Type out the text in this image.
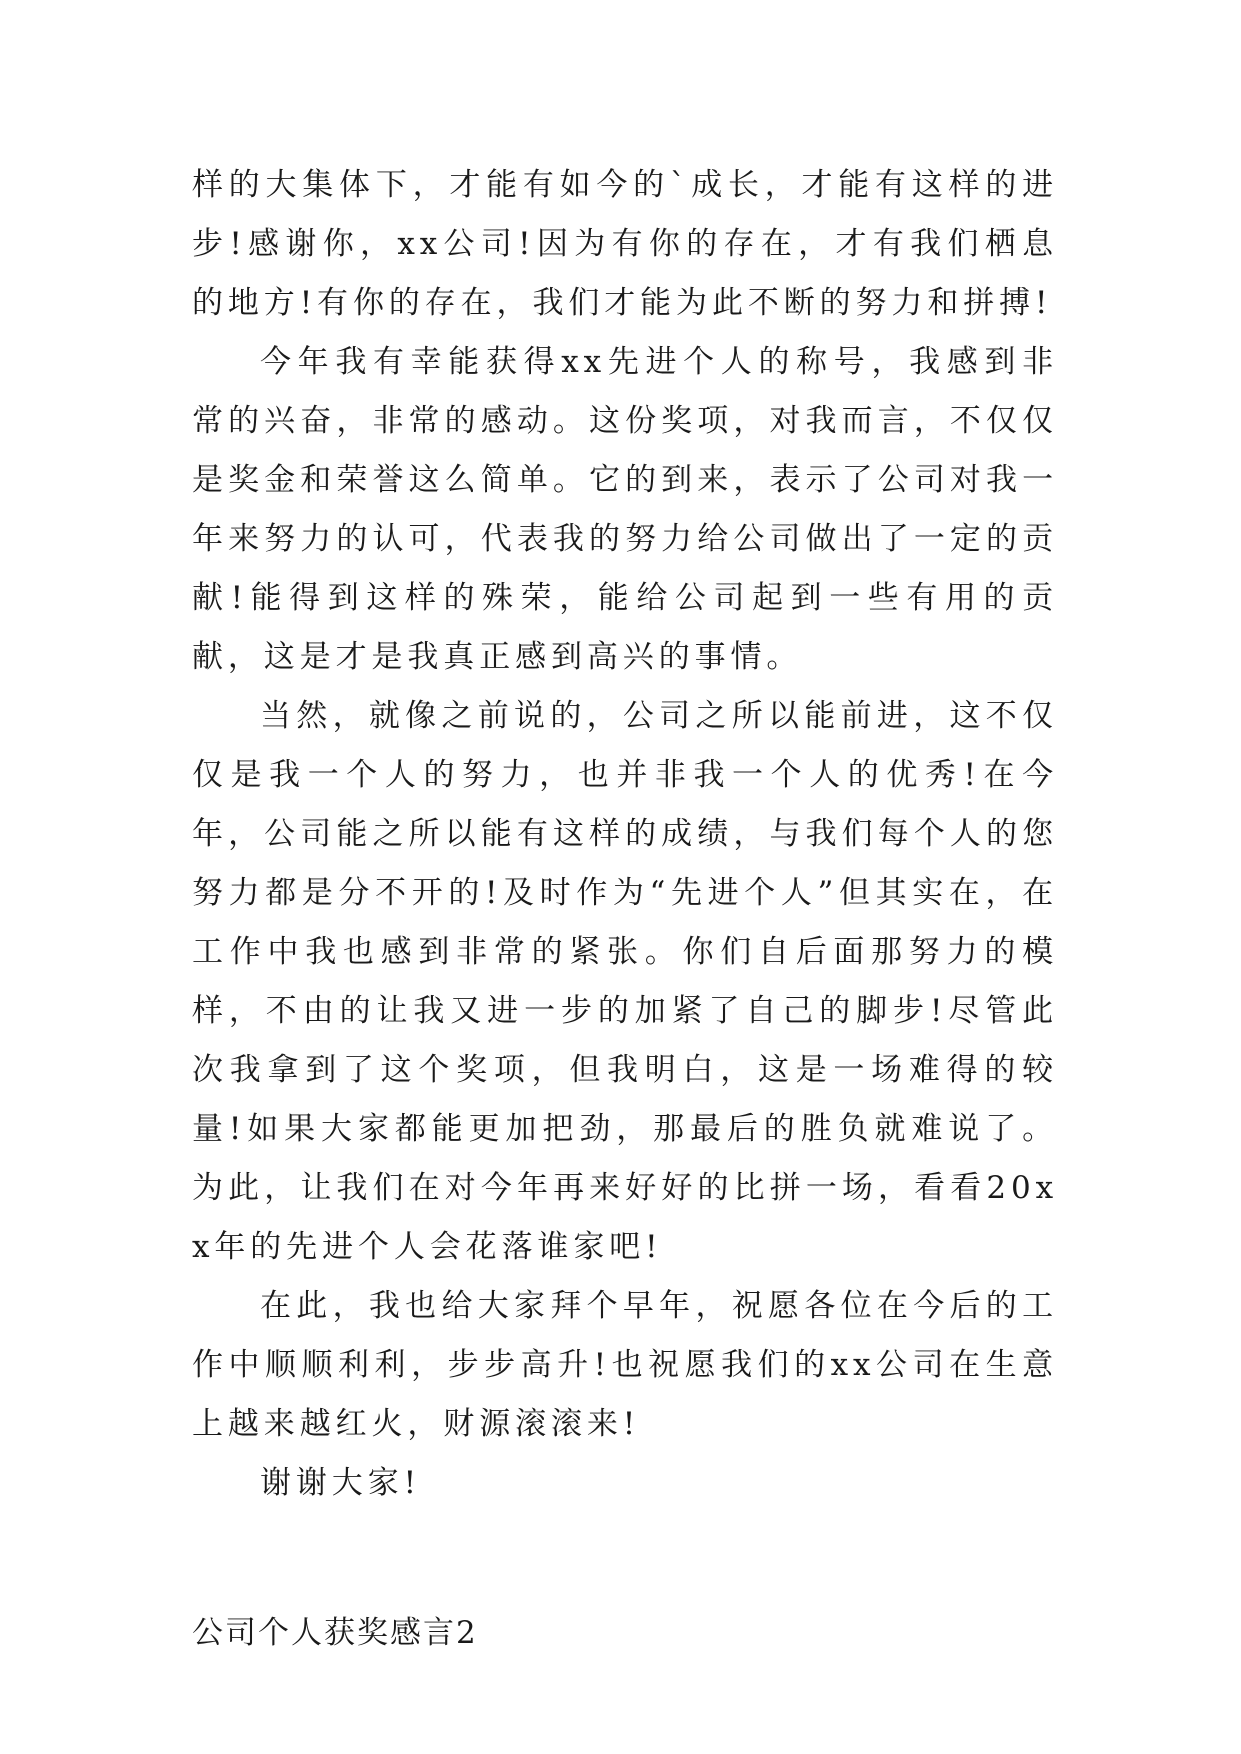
样的大集体下，才能有如今的`成长，才能有这样的进步!感谢你，xx公司!因为有你的存在，才有我们栖息的地方!有你的存在，我们才能为此不断的努力和拼搏!

今年我有幸能获得xx先进个人的称号，我感到非常的兴奋，非常的感动。这份奖项，对我而言，不仅仅是奖金和荣誉这么简单。它的到来，表示了公司对我一年来努力的认可，代表我的努力给公司做出了一定的贡献!能得到这样的殊荣，能给公司起到一些有用的贡献，这是才是我真正感到高兴的事情。

当然，就像之前说的，公司之所以能前进，这不仅仅是我一个人的努力，也并非我一个人的优秀!在今年，公司能之所以能有这样的成绩，与我们每个人的您努力都是分不开的!及时作为“先进个人”但其实在，在工作中我也感到非常的紧张。你们自后面那努力的模样，不由的让我又进一步的加紧了自己的脚步!尽管此次我拿到了这个奖项，但我明白，这是一场难得的较量!如果大家都能更加把劲，那最后的胜负就难说了。为此，让我们在对今年再来好好的比拼一场，看看20xx年的先进个人会花落谁家吧!

在此，我也给大家拜个早年，祝愿各位在今后的工作中顺顺利利，步步高升!也祝愿我们的xx公司在生意上越来越红火，财源滚滚来!

谢谢大家!

公司个人获奖感言2
